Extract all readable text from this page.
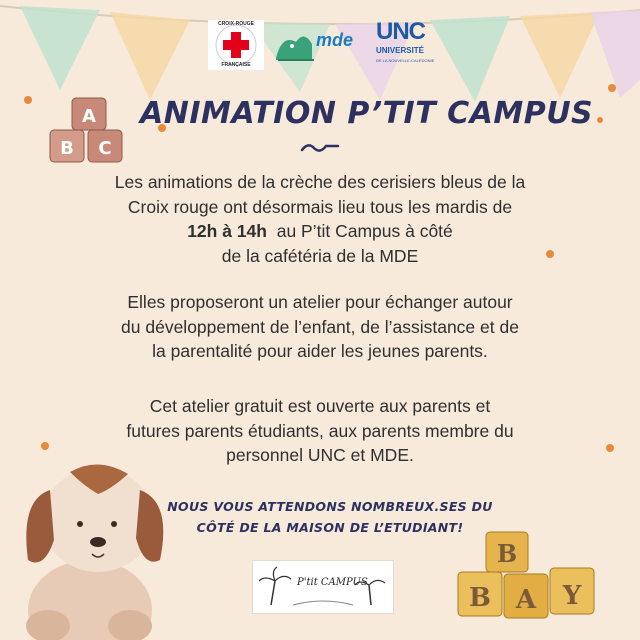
CROIX-ROUGE
FRANÇAISE
mde UNC
UNIVERSITÉ
DE LA NOUVELLE-CALÉDONIE
A
B C
ANIMATION P’TIT CAMPUS
Les animations de la crèche des cerisiers bleus de la
Croix rouge ont désormais lieu tous les mardis de
12h à 14h  au P’tit Campus à côté
de la cafétéria de la MDE
Elles proposeront un atelier pour échanger autour
du développement de l’enfant, de l’assistance et de
la parentalité pour aider les jeunes parents.
Cet atelier gratuit est ouverte aux parents et
futures parents étudiants, aux parents membre du
personnel UNC et MDE.
NOUS VOUS ATTENDONS NOMBREUX.SES DU
CÔTÉ DE LA MAISON DE L’ETUDIANT!
P'tit CAMPUS
B
B A Y
